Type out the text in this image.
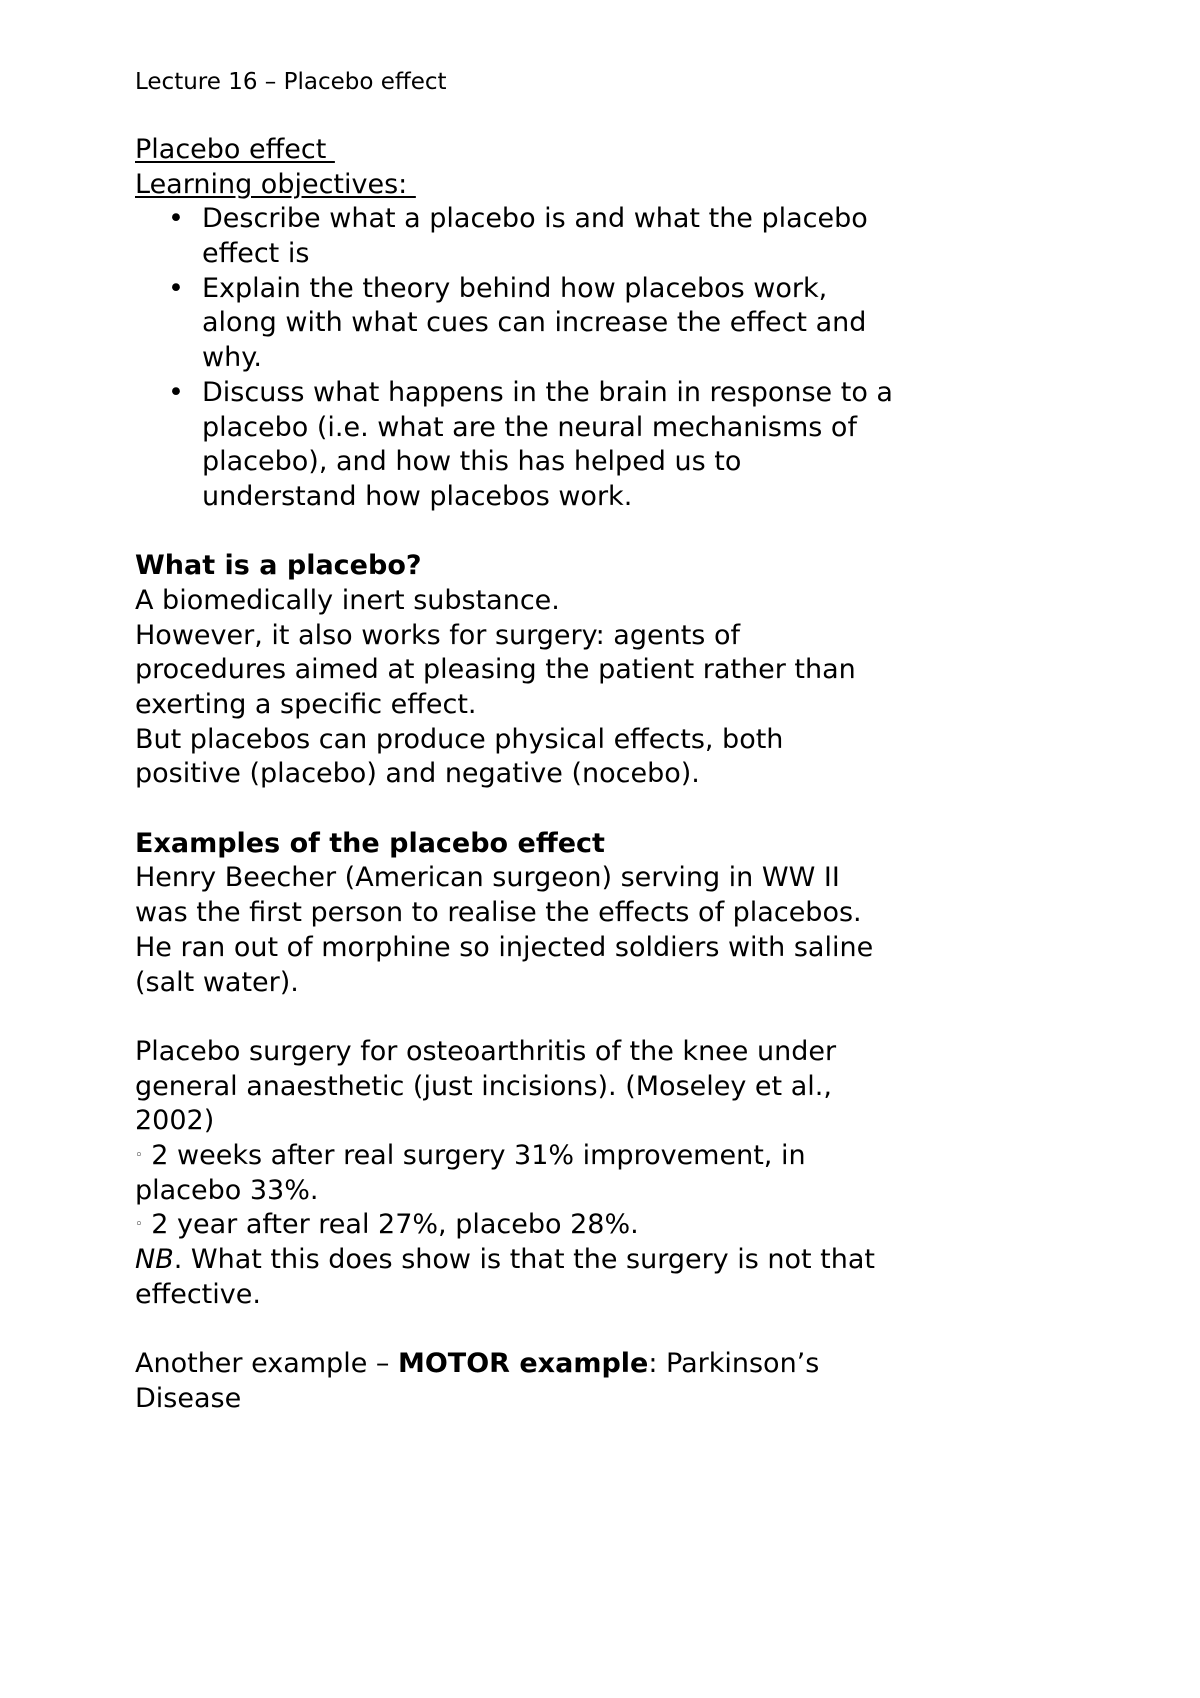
Lecture 16 – Placebo effect
Placebo effect
Learning objectives:
• Describe what a placebo is and what the placebo
effect is
• Explain the theory behind how placebos work,
along with what cues can increase the effect and
why.
• Discuss what happens in the brain in response to a
placebo (i.e. what are the neural mechanisms of
placebo), and how this has helped us to
understand how placebos work.
What is a placebo?
A biomedically inert substance.
However, it also works for surgery: agents of
procedures aimed at pleasing the patient rather than
exerting a specific effect.
But placebos can produce physical effects, both
positive (placebo) and negative (nocebo).
Examples of the placebo effect
Henry Beecher (American surgeon) serving in WW II
was the first person to realise the effects of placebos.
He ran out of morphine so injected soldiers with saline
(salt water).
Placebo surgery for osteoarthritis of the knee under
general anaesthetic (just incisions). (Moseley et al.,
2002)
◦ 2 weeks after real surgery 31% improvement, in
placebo 33%.
◦ 2 year after real 27%, placebo 28%.
NB. What this does show is that the surgery is not that
effective.
Another example – MOTOR example: Parkinson’s
Disease
